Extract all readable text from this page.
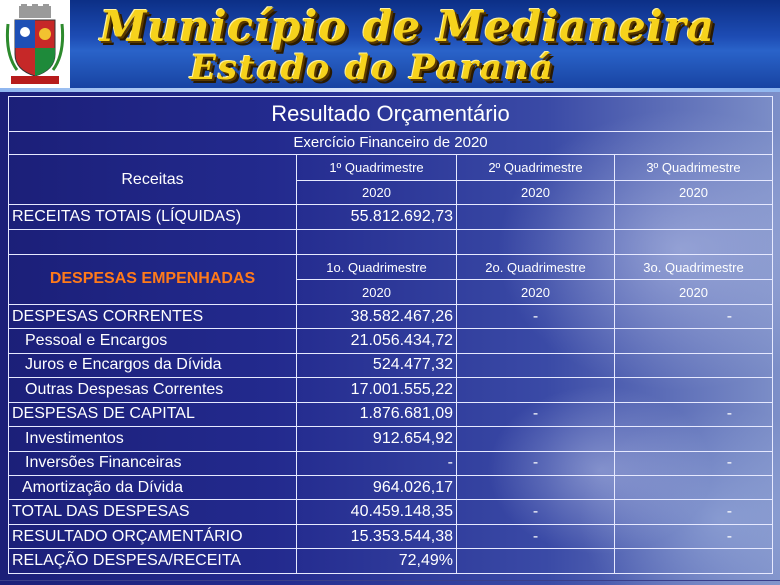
Município de Medianeira
Estado do Paraná
Resultado Orçamentário			
Exercício Financeiro de 2020			
Receitas	1º Quadrimestre	2º Quadrimestre	3º Quadrimestre
	2020	2020	2020
RECEITAS TOTAIS (LÍQUIDAS)	55.812.692,73		

DESPESAS EMPENHADAS	1o. Quadrimestre	2o. Quadrimestre	3o. Quadrimestre
	2020	2020	2020
DESPESAS CORRENTES	38.582.467,26	-	-
Pessoal e Encargos	21.056.434,72		
Juros e Encargos da Dívida	524.477,32		
Outras Despesas Correntes	17.001.555,22		
DESPESAS DE CAPITAL	1.876.681,09	-	-
Investimentos	912.654,92		
Inversões Financeiras	-	-	-
Amortização da Dívida	964.026,17		
TOTAL DAS DESPESAS	40.459.148,35	-	-
RESULTADO ORÇAMENTÁRIO	15.353.544,38	-	-
RELAÇÃO DESPESA/RECEITA	72,49%		
